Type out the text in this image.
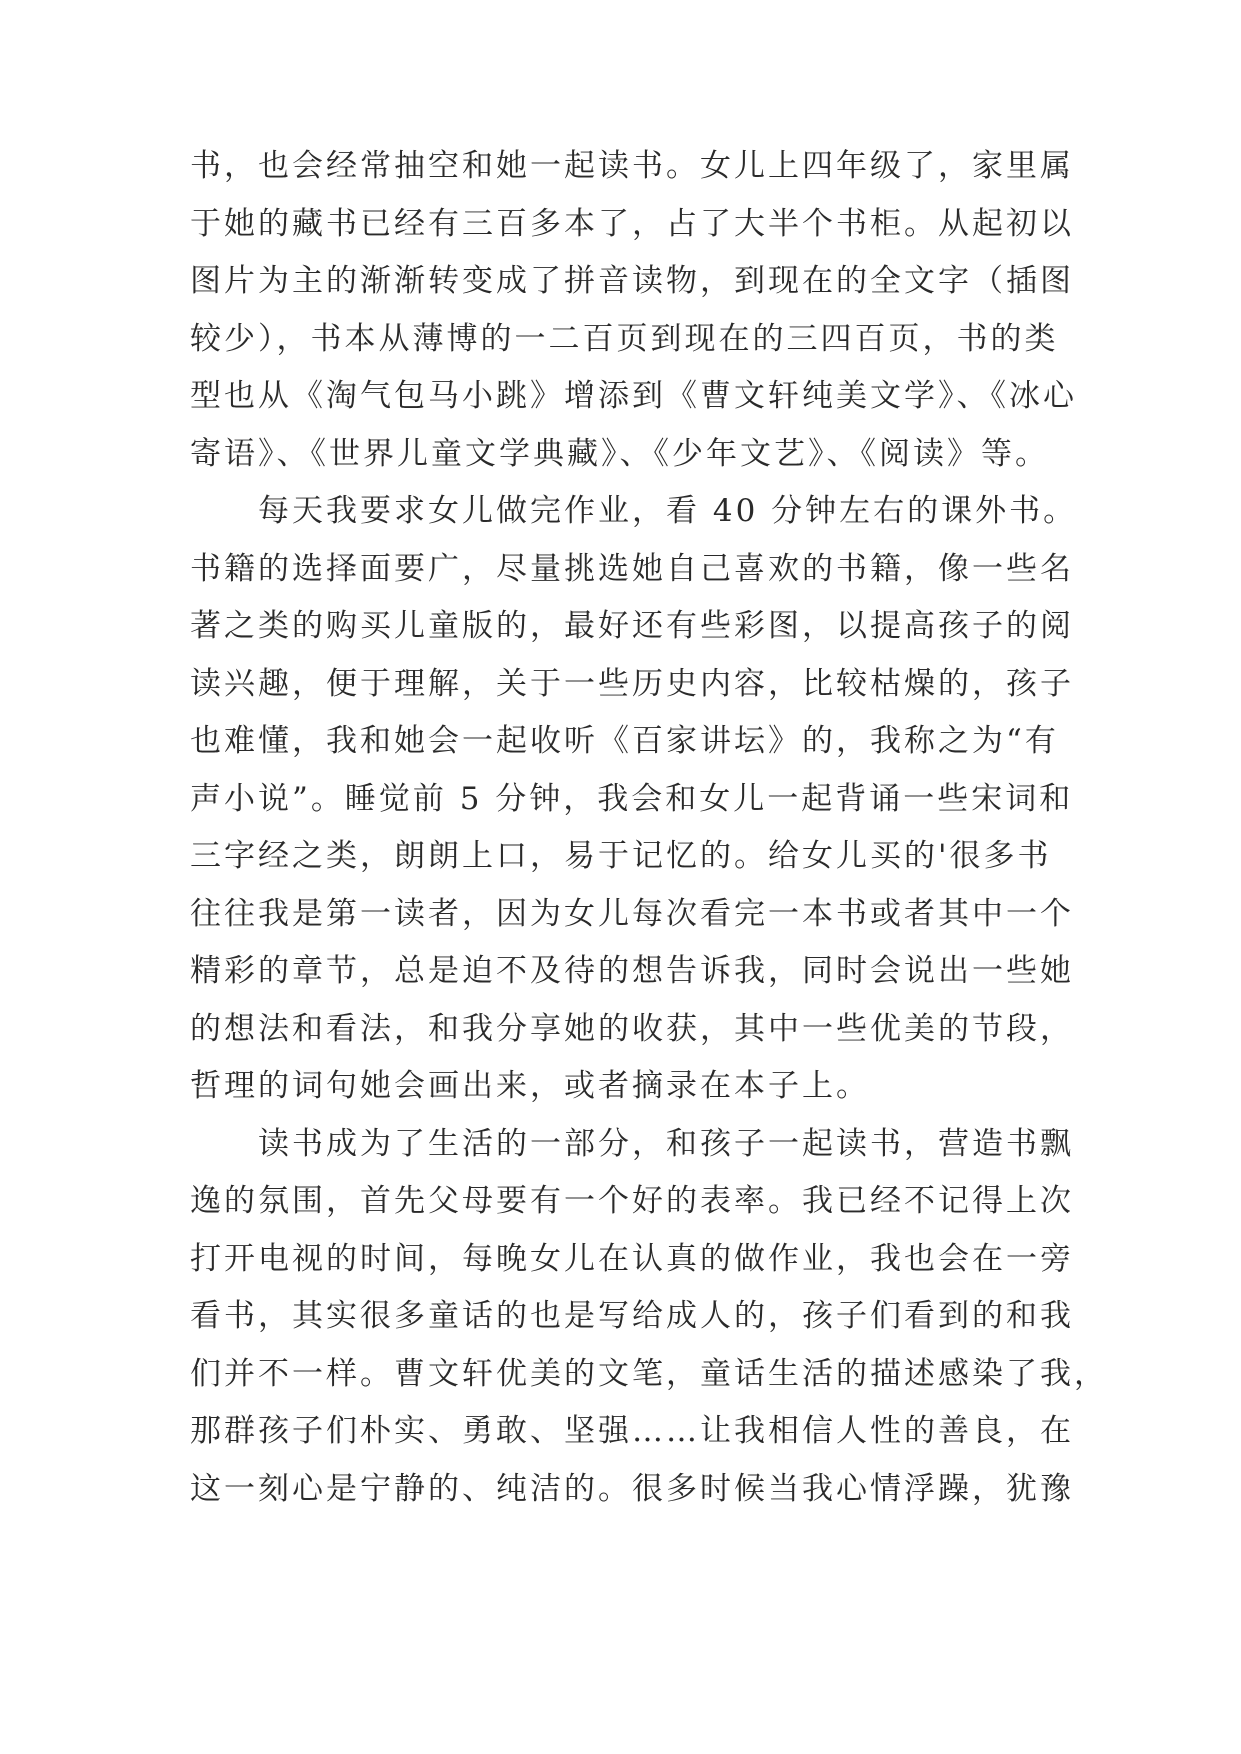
书，也会经常抽空和她一起读书。女儿上四年级了，家里属
于她的藏书已经有三百多本了，占了大半个书柜。从起初以
图片为主的渐渐转变成了拼音读物，到现在的全文字（插图
较少），书本从薄博的一二百页到现在的三四百页，书的类
型也从《淘气包马小跳》增添到《曹文轩纯美文学》、《冰心
寄语》、《世界儿童文学典藏》、《少年文艺》、《阅读》等。
　　每天我要求女儿做完作业，看 40 分钟左右的课外书。
书籍的选择面要广，尽量挑选她自己喜欢的书籍，像一些名
著之类的购买儿童版的，最好还有些彩图，以提高孩子的阅
读兴趣，便于理解，关于一些历史内容，比较枯燥的，孩子
也难懂，我和她会一起收听《百家讲坛》的，我称之为“有
声小说”。睡觉前 5 分钟，我会和女儿一起背诵一些宋词和
三字经之类，朗朗上口，易于记忆的。给女儿买的'很多书
往往我是第一读者，因为女儿每次看完一本书或者其中一个
精彩的章节，总是迫不及待的想告诉我，同时会说出一些她
的想法和看法，和我分享她的收获，其中一些优美的节段，
哲理的词句她会画出来，或者摘录在本子上。
　　读书成为了生活的一部分，和孩子一起读书，营造书飘
逸的氛围，首先父母要有一个好的表率。我已经不记得上次
打开电视的时间，每晚女儿在认真的做作业，我也会在一旁
看书，其实很多童话的也是写给成人的，孩子们看到的和我
们并不一样。曹文轩优美的文笔，童话生活的描述感染了我，
那群孩子们朴实、勇敢、坚强……让我相信人性的善良，在
这一刻心是宁静的、纯洁的。很多时候当我心情浮躁，犹豫
